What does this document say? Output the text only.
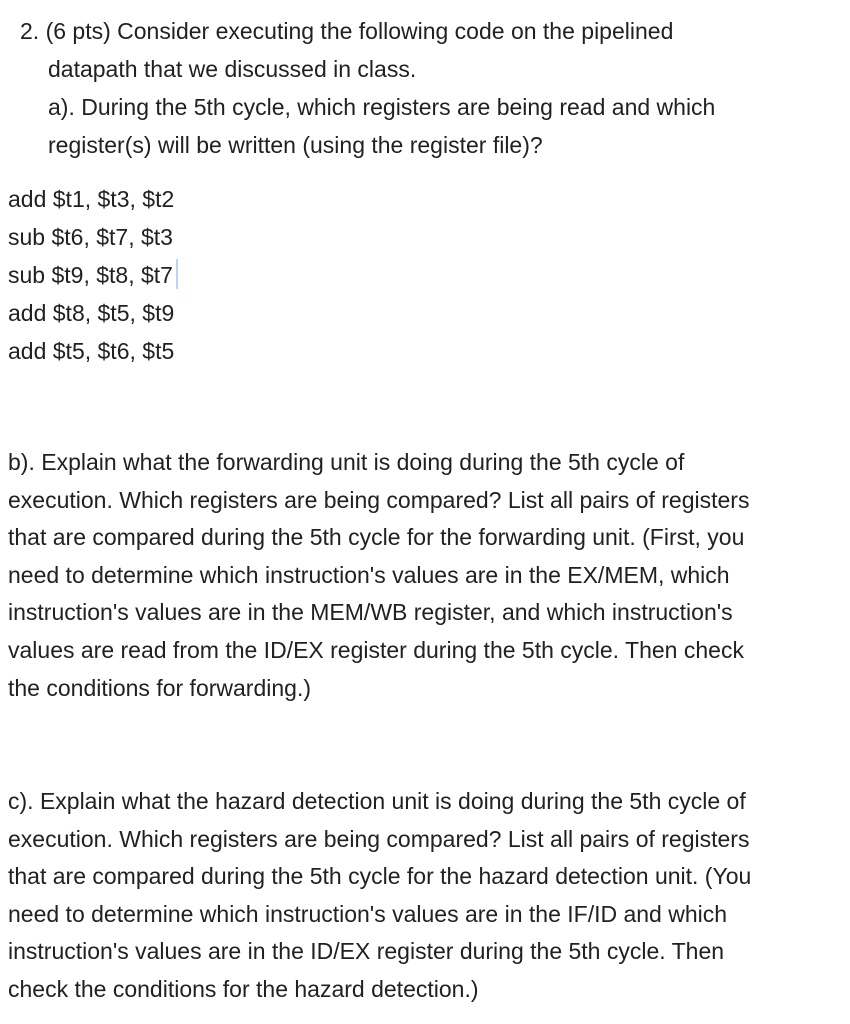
2. (6 pts) Consider executing the following code on the pipelined
datapath that we discussed in class.
a). During the 5th cycle, which registers are being read and which
register(s) will be written (using the register file)?
add $t1, $t3, $t2
sub $t6, $t7, $t3
sub $t9, $t8, $t7
add $t8, $t5, $t9
add $t5, $t6, $t5

b). Explain what the forwarding unit is doing during the 5th cycle of
execution. Which registers are being compared? List all pairs of registers
that are compared during the 5th cycle for the forwarding unit. (First, you
need to determine which instruction's values are in the EX/MEM, which
instruction's values are in the MEM/WB register, and which instruction's
values are read from the ID/EX register during the 5th cycle. Then check
the conditions for forwarding.)

c). Explain what the hazard detection unit is doing during the 5th cycle of
execution. Which registers are being compared? List all pairs of registers
that are compared during the 5th cycle for the hazard detection unit. (You
need to determine which instruction's values are in the IF/ID and which
instruction's values are in the ID/EX register during the 5th cycle. Then
check the conditions for the hazard detection.)
